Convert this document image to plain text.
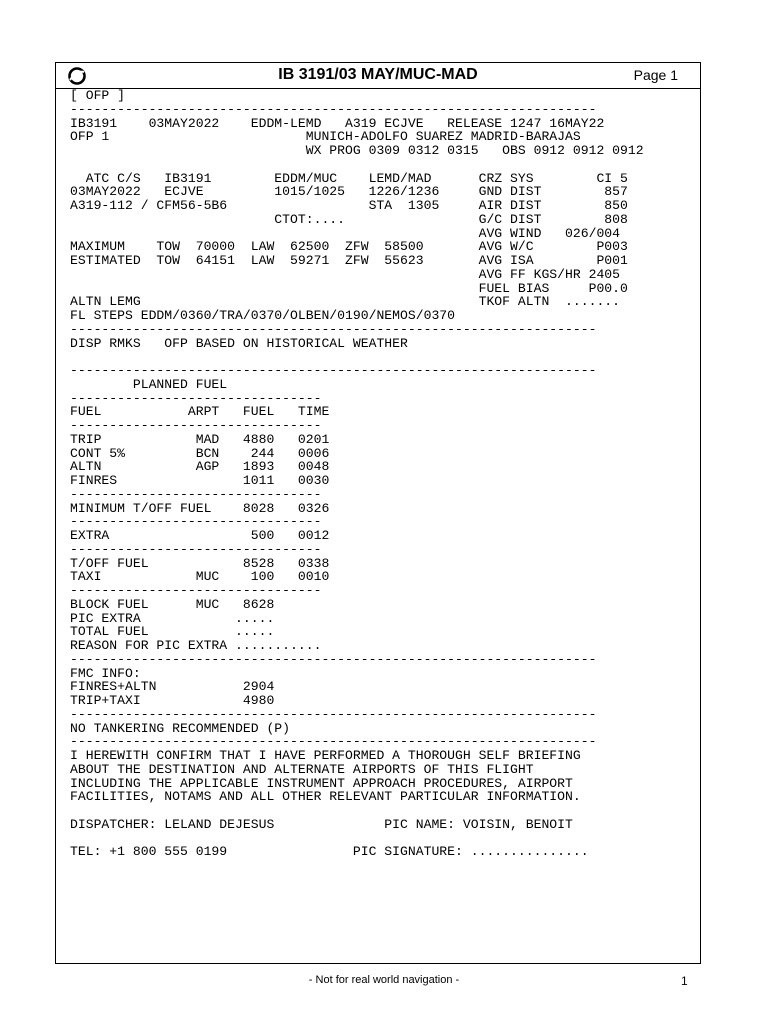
IB 3191/03 MAY/MUC-MAD	Page 1
[ OFP ]
-------------------------------------------------------------------
IB3191    03MAY2022    EDDM-LEMD   A319 ECJVE   RELEASE 1247 16MAY22
OFP 1                         MUNICH-ADOLFO SUAREZ MADRID-BARAJAS
WX PROG 0309 0312 0315   OBS 0912 0912 0912

ATC C/S   IB3191        EDDM/MUC    LEMD/MAD      CRZ SYS        CI 5
03MAY2022   ECJVE         1015/1025   1226/1236     GND DIST        857
A319-112 / CFM56-5B6                  STA  1305     AIR DIST        850
CTOT:....                 G/C DIST        808
AVG WIND   026/004
MAXIMUM    TOW  70000  LAW  62500  ZFW  58500       AVG W/C        P003
ESTIMATED  TOW  64151  LAW  59271  ZFW  55623       AVG ISA        P001
AVG FF KGS/HR 2405
FUEL BIAS     P00.0
ALTN LEMG                                           TKOF ALTN  .......
FL STEPS EDDM/0360/TRA/0370/OLBEN/0190/NEMOS/0370
-------------------------------------------------------------------
DISP RMKS   OFP BASED ON HISTORICAL WEATHER

-------------------------------------------------------------------
PLANNED FUEL
--------------------------------
FUEL           ARPT   FUEL   TIME
--------------------------------
TRIP            MAD   4880   0201
CONT 5%         BCN    244   0006
ALTN            AGP   1893   0048
FINRES                1011   0030
--------------------------------
MINIMUM T/OFF FUEL    8028   0326
--------------------------------
EXTRA                  500   0012
--------------------------------
T/OFF FUEL            8528   0338
TAXI            MUC    100   0010
--------------------------------
BLOCK FUEL      MUC   8628
PIC EXTRA            .....
TOTAL FUEL           .....
REASON FOR PIC EXTRA ...........
-------------------------------------------------------------------
FMC INFO:
FINRES+ALTN           2904
TRIP+TAXI             4980
-------------------------------------------------------------------
NO TANKERING RECOMMENDED (P)
-------------------------------------------------------------------
I HEREWITH CONFIRM THAT I HAVE PERFORMED A THOROUGH SELF BRIEFING
ABOUT THE DESTINATION AND ALTERNATE AIRPORTS OF THIS FLIGHT
INCLUDING THE APPLICABLE INSTRUMENT APPROACH PROCEDURES, AIRPORT
FACILITIES, NOTAMS AND ALL OTHER RELEVANT PARTICULAR INFORMATION.

DISPATCHER: LELAND DEJESUS              PIC NAME: VOISIN, BENOIT

TEL: +1 800 555 0199                PIC SIGNATURE: ...............
- Not for real world navigation -	1
